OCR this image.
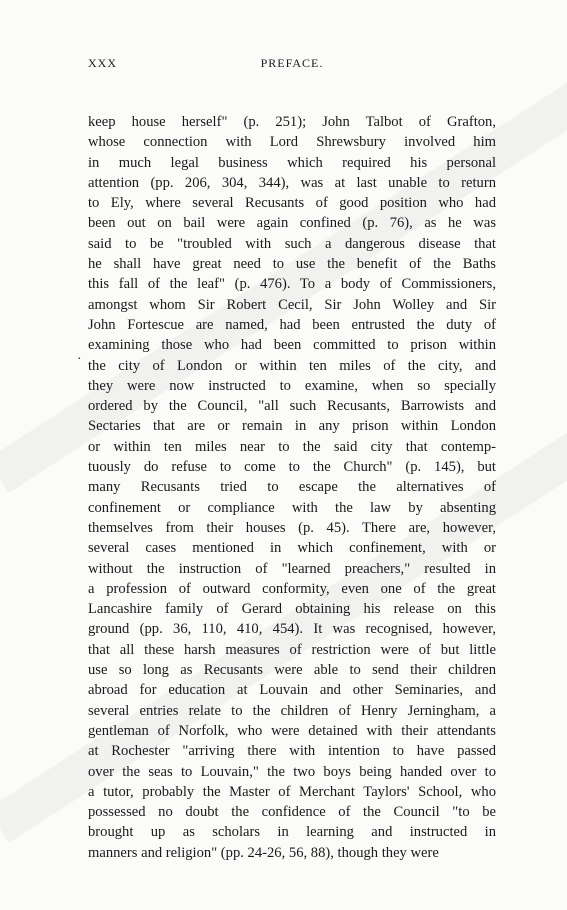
XXX	PREFACE.
·
keep house herself" (p. 251); John Talbot of Grafton,
whose connection with Lord Shrewsbury involved him
in much legal business which required his personal
attention (pp. 206, 304, 344), was at last unable to return
to Ely, where several Recusants of good position who had
been out on bail were again confined (p. 76), as he was
said to be "troubled with such a dangerous disease that
he shall have great need to use the benefit of the Baths
this fall of the leaf" (p. 476). To a body of Commissioners,
amongst whom Sir Robert Cecil, Sir John Wolley and Sir
John Fortescue are named, had been entrusted the duty of
examining those who had been committed to prison within
the city of London or within ten miles of the city, and
they were now instructed to examine, when so specially
ordered by the Council, "all such Recusants, Barrowists and
Sectaries that are or remain in any prison within London
or within ten miles near to the said city that contemp-
tuously do refuse to come to the Church" (p. 145), but
many Recusants tried to escape the alternatives of
confinement or compliance with the law by absenting
themselves from their houses (p. 45). There are, however,
several cases mentioned in which confinement, with or
without the instruction of "learned preachers," resulted in
a profession of outward conformity, even one of the great
Lancashire family of Gerard obtaining his release on this
ground (pp. 36, 110, 410, 454). It was recognised, however,
that all these harsh measures of restriction were of but little
use so long as Recusants were able to send their children
abroad for education at Louvain and other Seminaries, and
several entries relate to the children of Henry Jerningham, a
gentleman of Norfolk, who were detained with their attendants
at Rochester "arriving there with intention to have passed
over the seas to Louvain," the two boys being handed over to
a tutor, probably the Master of Merchant Taylors' School, who
possessed no doubt the confidence of the Council "to be
brought up as scholars in learning and instructed in
manners and religion" (pp. 24-26, 56, 88), though they were
